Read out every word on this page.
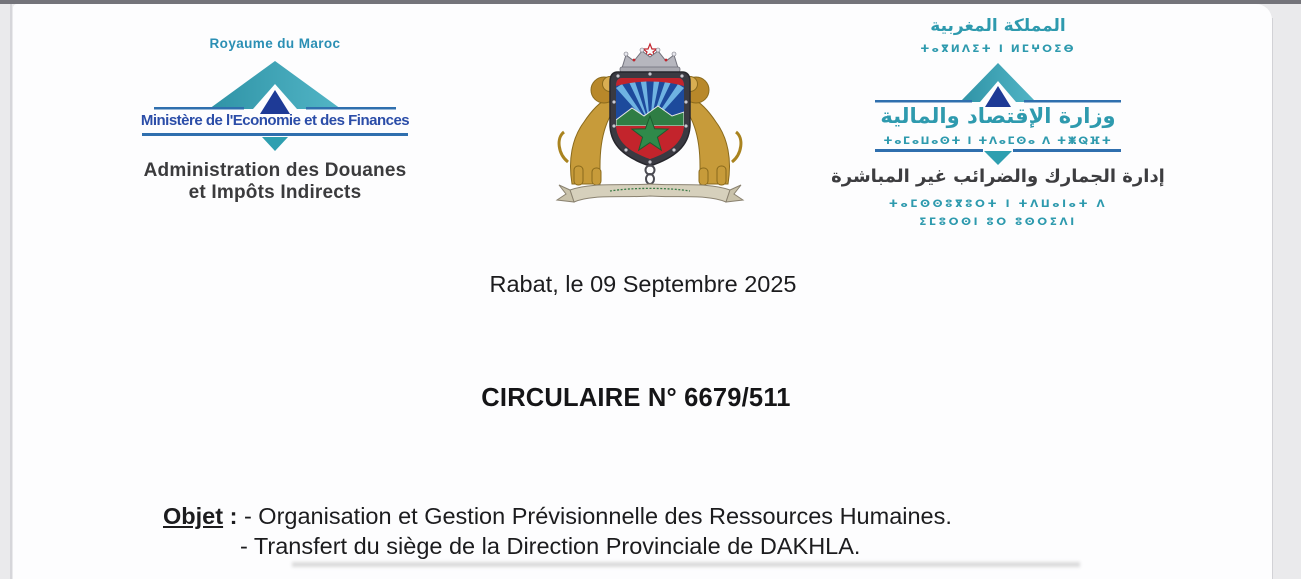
Royaume du Maroc
Ministère de l'Economie et des Finances
Administration des Douanes
et Impôts Indirects
المملكة المغربية
ⵜⴰⴳⵍⴷⵉⵜ ⵏ ⵍⵎⵖⵔⵉⴱ
وزارة الإقتصاد والمالية
ⵜⴰⵎⴰⵡⴰⵙⵜ ⵏ ⵜⴷⴰⵎⵙⴰ ⴷ ⵜⵥⵕⴼⵜ
إدارة الجمارك والضرائب غير المباشرة
ⵜⴰⵎⵙⵙⵓⴳⵓⵔⵜ ⵏ ⵜⴷⵡⴰⵏⴰⵜ ⴷ
ⵉⵎⵓⵔⵙⵏ ⵓⵔ ⵓⵙⵔⵉⴷⵏ
Rabat, le 09 Septembre 2025
CIRCULAIRE N° 6679/511
Objet : - Organisation et Gestion Prévisionnelle des Ressources Humaines.
- Transfert du siège de la Direction Provinciale de DAKHLA.
